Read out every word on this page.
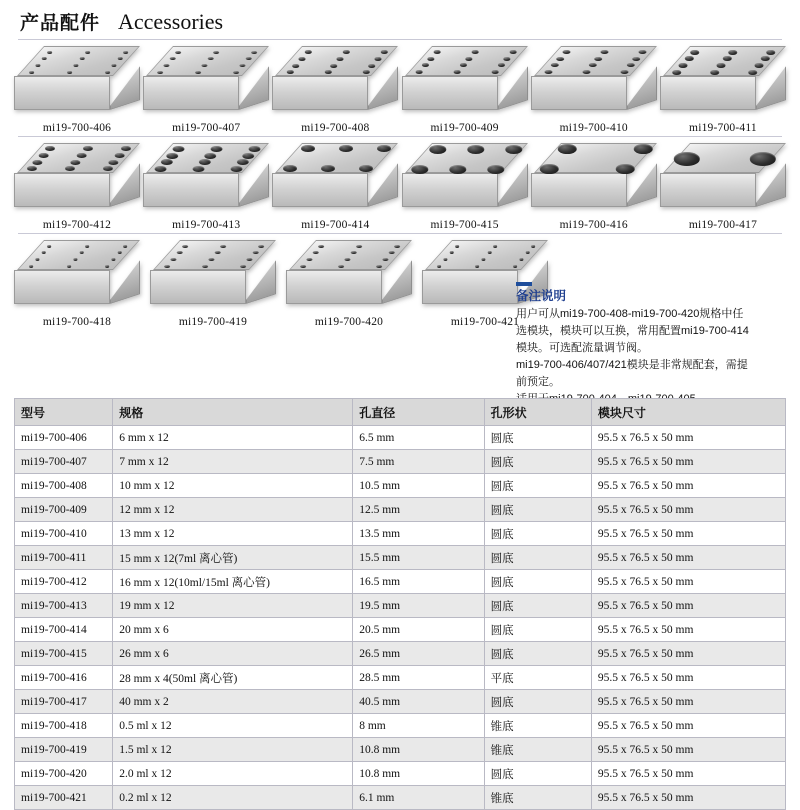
产品配件 Accessories
mi19-700-406	mi19-700-407	mi19-700-408	mi19-700-409	mi19-700-410	mi19-700-411
mi19-700-412	mi19-700-413	mi19-700-414	mi19-700-415	mi19-700-416	mi19-700-417
mi19-700-418	mi19-700-419	mi19-700-420	mi19-700-421
备注说明

用户可从mi19-700-408-mi19-700-420规格中任

选模块，模块可以互换，常用配置mi19-700-414

模块。可选配流量调节阀。

mi19-700-406/407/421模块是非常规配套，需提

前预定。

型号	规格	孔直径	孔形状	模块尺寸
mi19-700-406	6 mm x 12	6.5 mm	圆底	95.5 x 76.5 x 50 mm
mi19-700-407	7 mm x 12	7.5 mm	圆底	95.5 x 76.5 x 50 mm
mi19-700-408	10 mm x 12	10.5 mm	圆底	95.5 x 76.5 x 50 mm
mi19-700-409	12 mm x 12	12.5 mm	圆底	95.5 x 76.5 x 50 mm
mi19-700-410	13 mm x 12	13.5 mm	圆底	95.5 x 76.5 x 50 mm
mi19-700-411	15 mm x 12(7ml 离心管)	15.5 mm	圆底	95.5 x 76.5 x 50 mm
mi19-700-412	16 mm x 12(10ml/15ml 离心管)	16.5 mm	圆底	95.5 x 76.5 x 50 mm
mi19-700-413	19 mm x 12	19.5 mm	圆底	95.5 x 76.5 x 50 mm
mi19-700-414	20 mm x 6	20.5 mm	圆底	95.5 x 76.5 x 50 mm
mi19-700-415	26 mm x 6	26.5 mm	圆底	95.5 x 76.5 x 50 mm
mi19-700-416	28 mm x 4(50ml 离心管)	28.5 mm	平底	95.5 x 76.5 x 50 mm
mi19-700-417	40 mm x 2	40.5 mm	圆底	95.5 x 76.5 x 50 mm
mi19-700-418	0.5 ml x 12	8 mm	锥底	95.5 x 76.5 x 50 mm
mi19-700-419	1.5 ml x 12	10.8 mm	锥底	95.5 x 76.5 x 50 mm
mi19-700-420	2.0 ml x 12	10.8 mm	圆底	95.5 x 76.5 x 50 mm
mi19-700-421	0.2 ml x 12	6.1 mm	锥底	95.5 x 76.5 x 50 mm
